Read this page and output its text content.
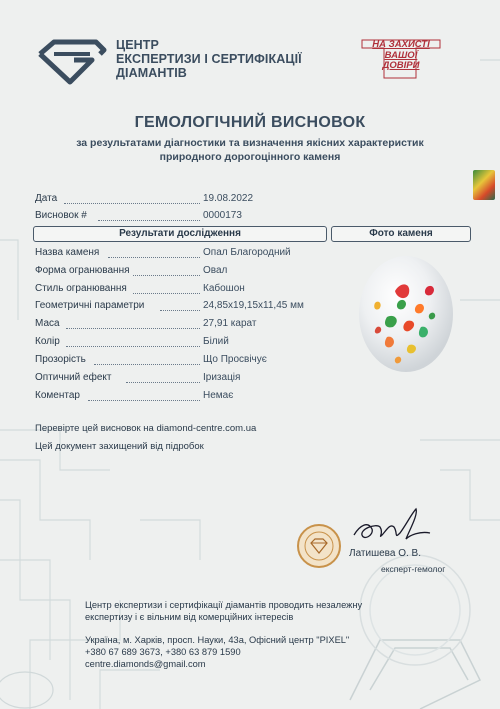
ЦЕНТР
ЕКСПЕРТИЗИ І СЕРТИФІКАЦІЇ
ДІАМАНТІВ
НА ЗАХИСТІ
ВАШОЇ
ДОВІРИ
ГЕМОЛОГІЧНИЙ ВИСНОВОК
за результатами діагностики та визначення якісних характеристик
природного дорогоцінного каменя
Дата	19.08.2022
Висновок #	0000173
Результати дослідження	Фото каменя
Назва каменя	Опал Благородний
Форма огранювання	Овал
Стиль огранювання	Кабошон
Геометричні параметри	24,85х19,15х11,45 мм
Маса	27,91 карат
Колір	Білий
Прозорість	Що Просвічує
Оптичний ефект	Іризація
Коментар	Немає
Перевірте цей висновок на diamond-centre.com.ua
Цей документ захищений від підробок
Латишева О. В.
експерт-гемолог
Центр експертизи і сертифікації діамантів проводить незалежну
експертизу і є вільним від комерційних інтересів
Україна, м. Харків, просп. Науки, 43а, Офісний центр "PIXEL"
+380 67 689 3673, +380 63 879 1590
centre.diamonds@gmail.com
